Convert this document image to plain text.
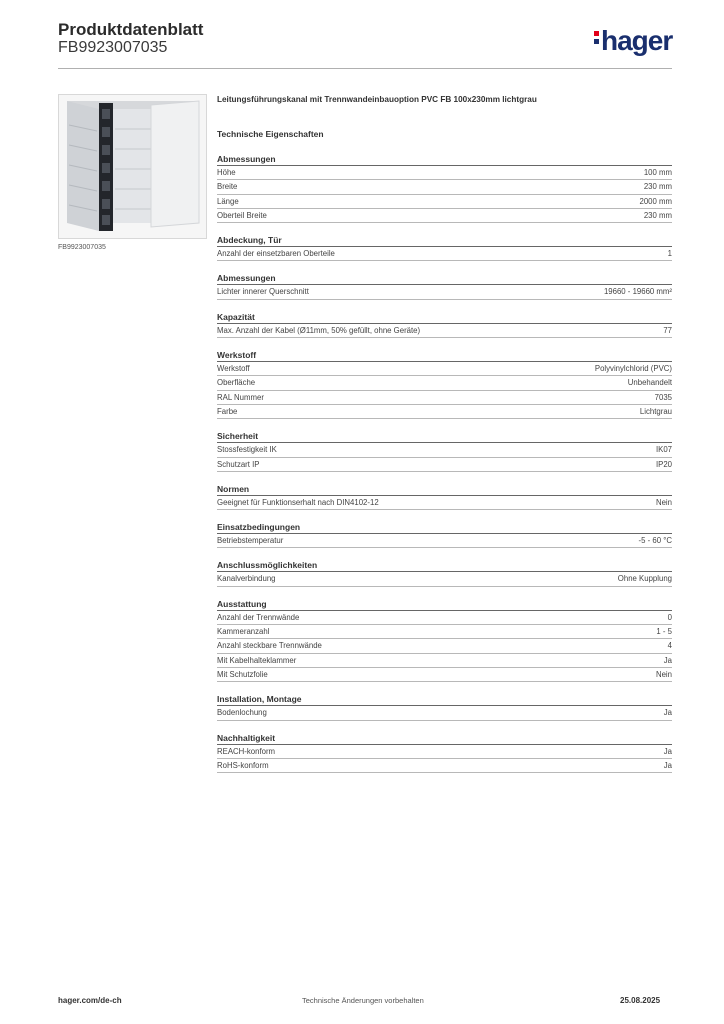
Produktdatenblatt
FB9923007035	hager
FB9923007035
Leitungsführungskanal mit Trennwandeinbauoption PVC FB 100x230mm lichtgrau
Technische Eigenschaften
Abmessungen
Höhe	100 mm
Breite	230 mm
Länge	2000 mm
Oberteil Breite	230 mm
Abdeckung, Tür
Anzahl der einsetzbaren Oberteile	1
Abmessungen
Lichter innerer Querschnitt	19660 - 19660 mm²
Kapazität
Max. Anzahl der Kabel (Ø11mm, 50% gefüllt, ohne Geräte)	77
Werkstoff
Werkstoff	Polyvinylchlorid (PVC)
Oberfläche	Unbehandelt
RAL Nummer	7035
Farbe	Lichtgrau
Sicherheit
Stossfestigkeit IK	IK07
Schutzart IP	IP20
Normen
Geeignet für Funktionserhalt nach DIN4102-12	Nein
Einsatzbedingungen
Betriebstemperatur	-5 - 60 °C
Anschlussmöglichkeiten
Kanalverbindung	Ohne Kupplung
Ausstattung
Anzahl der Trennwände	0
Kammeranzahl	1 - 5
Anzahl steckbare Trennwände	4
Mit Kabelhalteklammer	Ja
Mit Schutzfolie	Nein
Installation, Montage
Bodenlochung	Ja
Nachhaltigkeit
REACH-konform	Ja
RoHS-konform	Ja
hager.com/de-ch	Technische Änderungen vorbehalten	25.08.2025
